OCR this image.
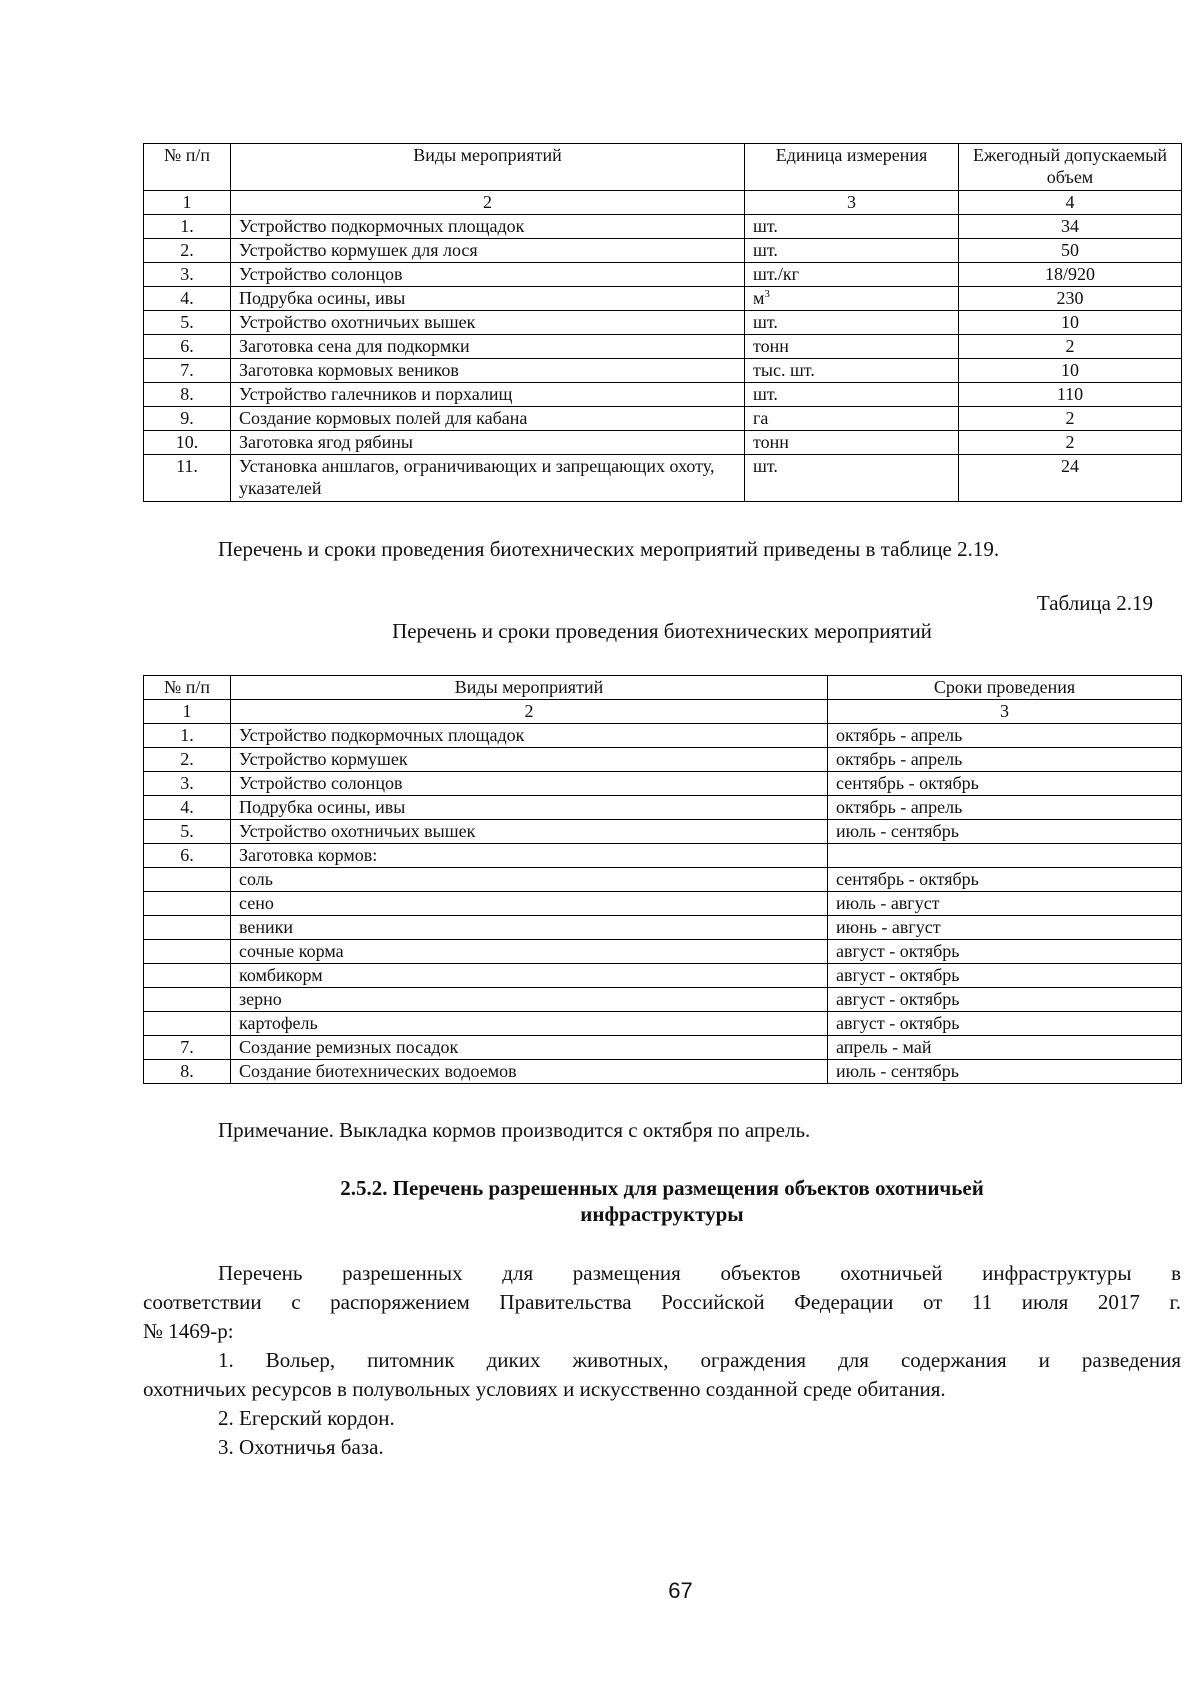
№ п/п	Виды мероприятий	Единица измерения	Ежегодный допускаемый объем
1	2	3	4
1.	Устройство подкормочных площадок	шт.	34
2.	Устройство кормушек для лося	шт.	50
3.	Устройство солонцов	шт./кг	18/920
4.	Подрубка осины, ивы	$м^3$	230
5.	Устройство охотничьих вышек	шт.	10
6.	Заготовка сена для подкормки	тонн	2
7.	Заготовка кормовых веников	тыс. шт.	10
8.	Устройство галечников и порхалищ	шт.	110
9.	Создание кормовых полей для кабана	га	2
10.	Заготовка ягод рябины	тонн	2
11.	Установка аншлагов, ограничивающих и запрещающих охоту, указателей	шт.	24
Перечень и сроки проведения биотехнических мероприятий приведены в таблице 2.19.
Таблица 2.19
Перечень и сроки проведения биотехнических мероприятий
№ п/п	Виды мероприятий	Сроки проведения
1	2	3
1.	Устройство подкормочных площадок	октябрь - апрель
2.	Устройство кормушек	октябрь - апрель
3.	Устройство солонцов	сентябрь - октябрь
4.	Подрубка осины, ивы	октябрь - апрель
5.	Устройство охотничьих вышек	июль - сентябрь
6.	Заготовка кормов:	
	соль	сентябрь - октябрь
	сено	июль - август
	веники	июнь - август
	сочные корма	август - октябрь
	комбикорм	август - октябрь
	зерно	август - октябрь
	картофель	август - октябрь
7.	Создание ремизных посадок	апрель - май
8.	Создание биотехнических водоемов	июль - сентябрь
Примечание. Выкладка кормов производится с октября по апрель.
2.5.2. Перечень разрешенных для размещения объектов охотничьей
инфраструктуры
Перечень разрешенных для размещения объектов охотничьей инфраструктуры в
соответствии с распоряжением Правительства Российской Федерации от 11 июля 2017 г.
№ 1469-р:
1. Вольер, питомник диких животных, ограждения для содержания и разведения
охотничьих ресурсов в полувольных условиях и искусственно созданной среде обитания.
2. Егерский кордон.
3. Охотничья база.
67
